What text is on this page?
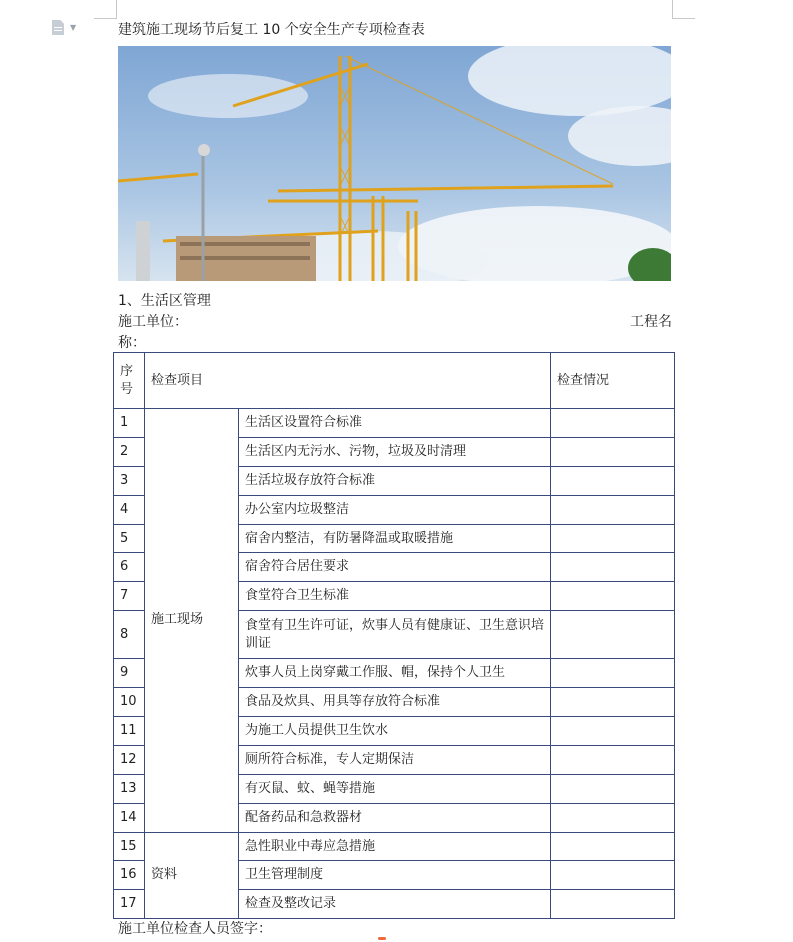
▼	建筑施工现场节后复工 10 个安全生产专项检查表
1、生活区管理
施工单位：	工程名
称：
序号	检查项目		检查情况
1	施工现场	生活区设置符合标准	
2		生活区内无污水、污物，垃圾及时清理	
3		生活垃圾存放符合标准	
4		办公室内垃圾整洁	
5		宿舍内整洁，有防暑降温或取暖措施	
6		宿舍符合居住要求	
7		食堂符合卫生标准	
8		食堂有卫生许可证，炊事人员有健康证、卫生意识培训证	
9		炊事人员上岗穿戴工作服、帽，保持个人卫生	
10		食品及炊具、用具等存放符合标准	
11		为施工人员提供卫生饮水	
12		厕所符合标准，专人定期保洁	
13		有灭鼠、蚊、蝇等措施	
14		配备药品和急救器材	
15	资料	急性职业中毒应急措施	
16		卫生管理制度	
17		检查及整改记录	
施工单位检查人员签字：
